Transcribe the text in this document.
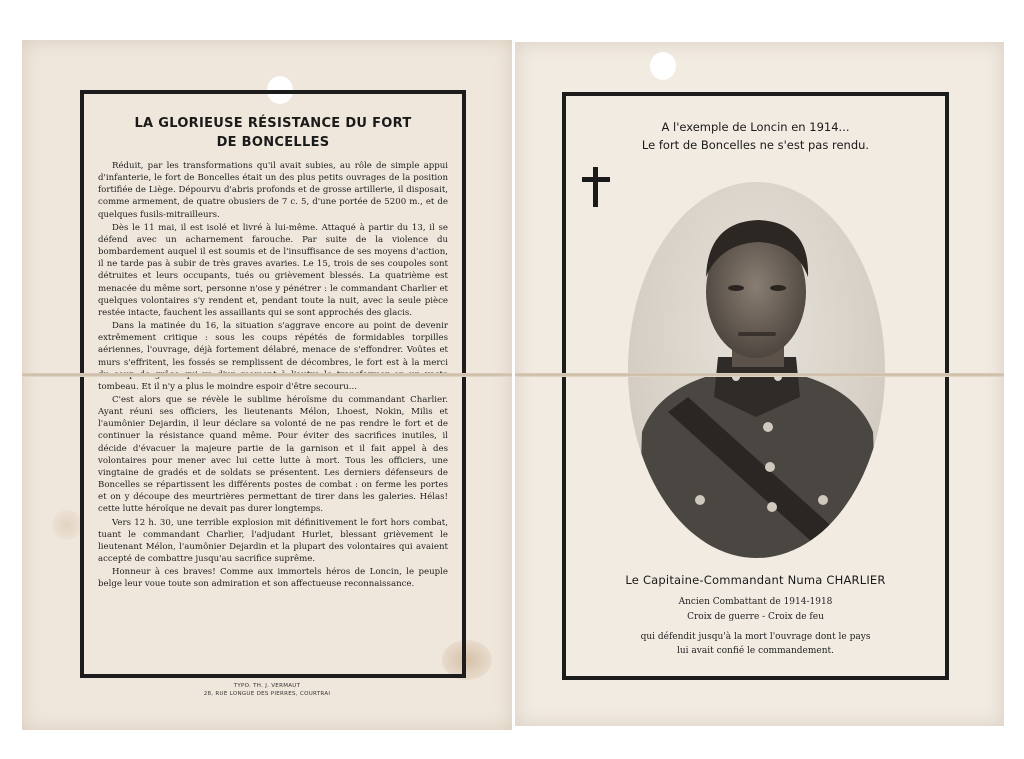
LA GLORIEUSE RÉSISTANCE DU FORT
DE BONCELLES

Réduit, par les transformations qu'il avait subies, au rôle de simple appui d'infanterie, le fort de Boncelles était un des plus petits ouvrages de la position fortifiée de Liège. Dépourvu d'abris profonds et de grosse artillerie, il disposait, comme armement, de quatre obusiers de 7 c. 5, d'une portée de 5200 m., et de quelques fusils-mitrailleurs.

Dès le 11 mai, il est isolé et livré à lui-même. Attaqué à partir du 13, il se défend avec un acharnement farouche. Par suite de la violence du bombardement auquel il est soumis et de l'insuffisance de ses moyens d'action, il ne tarde pas à subir de très graves avaries. Le 15, trois de ses coupoles sont détruites et leurs occupants, tués ou grièvement blessés. La quatrième est menacée du même sort, personne n'ose y pénétrer : le commandant Charlier et quelques volontaires s'y rendent et, pendant toute la nuit, avec la seule pièce restée intacte, fauchent les assaillants qui se sont approchés des glacis.

Dans la matinée du 16, la situation s'aggrave encore au point de devenir extrêmement critique : sous les coups répétés de formidables torpilles aériennes, l'ouvrage, déjà fortement délabré, menace de s'effondrer. Voûtes et murs s'effritent, les fossés se remplissent de décombres, le fort est à la merci tombeau. Et il n'y a plus le moindre espoir d'être secouru...

C'est alors que se révèle le sublime héroïsme du commandant Charlier. Ayant réuni ses officiers, les lieutenants Mélon, Lhoest, Nokin, Milis et l'aumônier Dejardin, il leur déclare sa volonté de ne pas rendre le fort et de continuer la résistance quand même. Pour éviter des sacrifices inutiles, il décide d'évacuer la majeure partie de la garnison et il fait appel à des volontaires pour mener avec lui cette lutte à mort. Tous les officiers, une vingtaine de gradés et de soldats se présentent. Les derniers défenseurs de Boncelles se répartissent les différents postes de combat : on ferme les portes et on y découpe des meurtrières permettant de tirer dans les galeries. Hélas! cette lutte héroïque ne devait pas durer longtemps.

Vers 12 h. 30, une terrible explosion mit définitivement le fort hors combat, tuant le commandant Charlier, l'adjudant Hurlet, blessant grièvement le lieutenant Mélon, l'aumônier Dejardin et la plupart des volontaires qui avaient accepté de combattre jusqu'au sacrifice suprême.

Honneur à ces braves! Comme aux immortels héros de Loncin, le peuple belge leur voue toute son admiration et son affectueuse reconnaissance.

TYPO. TH. J. VERMAUT
28, RUE LONGUE DES PIERRES, COURTRAI
A l'exemple de Loncin en 1914...
Le fort de Boncelles ne s'est pas rendu.
Le Capitaine-Commandant Numa CHARLIER
Ancien Combattant de 1914-1918
Croix de guerre - Croix de feu
qui défendit jusqu'à la mort l'ouvrage dont le pays
lui avait confié le commandement.
